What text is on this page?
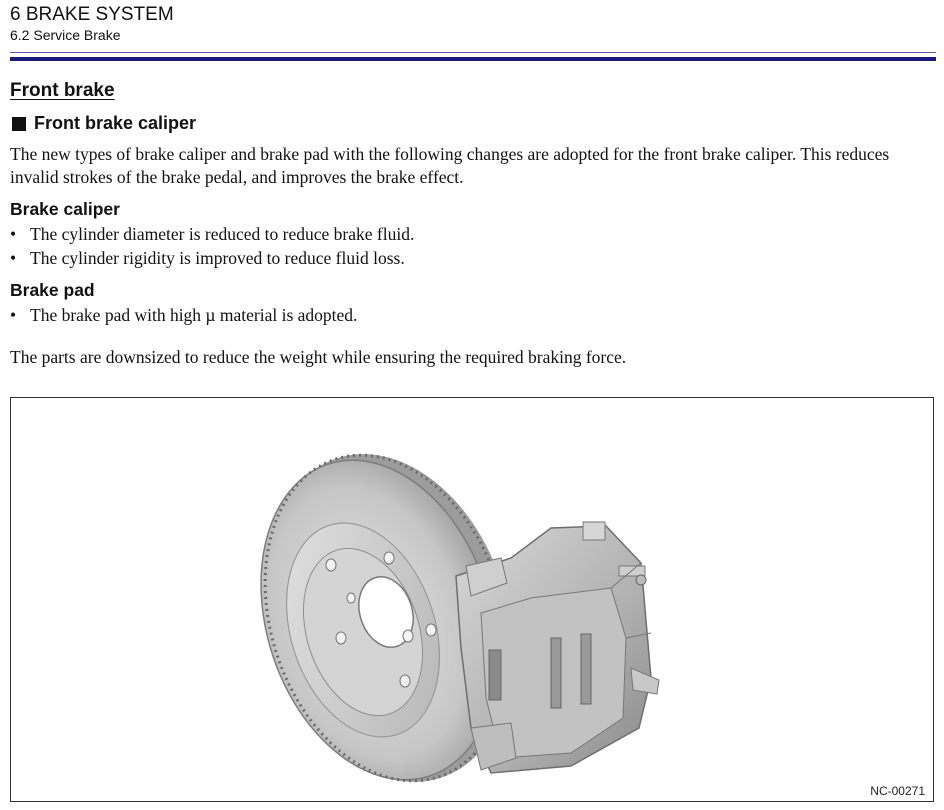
6 BRAKE SYSTEM
6.2 Service Brake
Front brake
Front brake caliper
The new types of brake caliper and brake pad with the following changes are adopted for the front brake caliper. This reduces invalid strokes of the brake pedal, and improves the brake effect.
Brake caliper
• The cylinder diameter is reduced to reduce brake fluid.
• The cylinder rigidity is improved to reduce fluid loss.
Brake pad
• The brake pad with high µ material is adopted.
The parts are downsized to reduce the weight while ensuring the required braking force.
NC-00271
